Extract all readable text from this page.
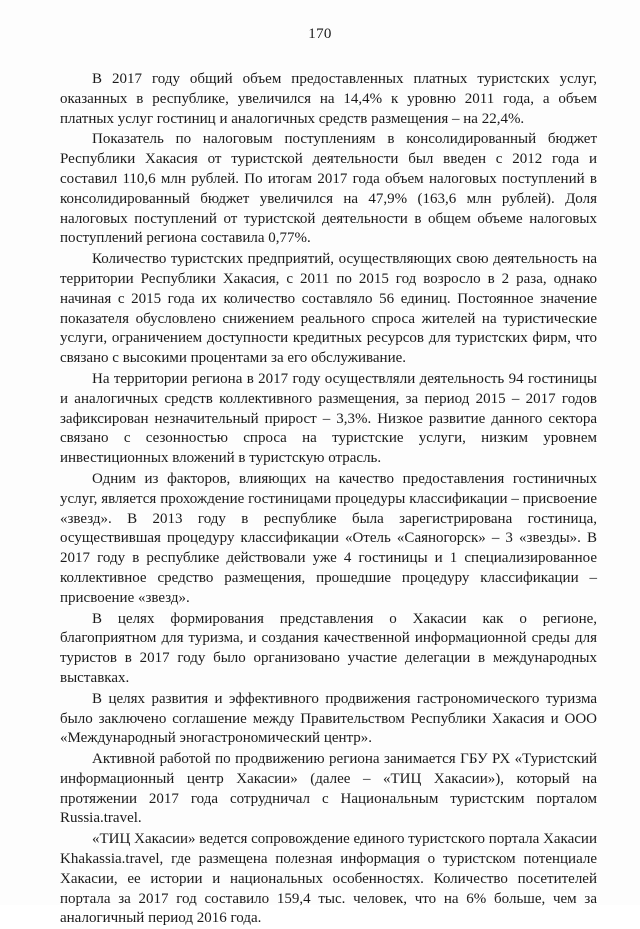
170

В 2017 году общий объем предоставленных платных туристских услуг, оказанных в республике, увеличился на 14,4% к уровню 2011 года, а объем платных услуг гостиниц и аналогичных средств размещения – на 22,4%.

Показатель по налоговым поступлениям в консолидированный бюджет Республики Хакасия от туристской деятельности был введен с 2012 года и составил 110,6 млн рублей. По итогам 2017 года объем налоговых поступлений в консолидированный бюджет увеличился на 47,9% (163,6 млн рублей). Доля налоговых поступлений от туристской деятельности в общем объеме налоговых поступлений региона составила 0,77%.

Количество туристских предприятий, осуществляющих свою деятельность на территории Республики Хакасия, с 2011 по 2015 год возросло в 2 раза, однако начиная с 2015 года их количество составляло 56 единиц. Постоянное значение показателя обусловлено снижением реального спроса жителей на туристические услуги, ограничением доступности кредитных ресурсов для туристских фирм, что связано с высокими процентами за его обслуживание.

На территории региона в 2017 году осуществляли деятельность 94 гостиницы и аналогичных средств коллективного размещения, за период 2015 – 2017 годов зафиксирован незначительный прирост – 3,3%. Низкое развитие данного сектора связано с сезонностью спроса на туристские услуги, низким уровнем инвестиционных вложений в туристскую отрасль.

Одним из факторов, влияющих на качество предоставления гостиничных услуг, является прохождение гостиницами процедуры классификации – присвоение «звезд». В 2013 году в республике была зарегистрирована гостиница, осуществившая процедуру классификации «Отель «Саяногорск» – 3 «звезды». В 2017 году в республике действовали уже 4 гостиницы и 1 специализированное коллективное средство размещения, прошедшие процедуру классификации – присвоение «звезд».

В целях формирования представления о Хакасии как о регионе, благоприятном для туризма, и создания качественной информационной среды для туристов в 2017 году было организовано участие делегации в международных выставках.

В целях развития и эффективного продвижения гастрономического туризма было заключено соглашение между Правительством Республики Хакасия и ООО «Международный эногастрономический центр».

Активной работой по продвижению региона занимается ГБУ РХ «Туристский информационный центр Хакасии» (далее – «ТИЦ Хакасии»), который на протяжении 2017 года сотрудничал с Национальным туристским порталом Russia.travel.

«ТИЦ Хакасии» ведется сопровождение единого туристского портала Хакасии Khakassia.travel, где размещена полезная информация о туристском потенциале Хакасии, ее истории и национальных особенностях. Количество посетителей портала за 2017 год составило 159,4 тыс. человек, что на 6% больше, чем за аналогичный период 2016 года.
